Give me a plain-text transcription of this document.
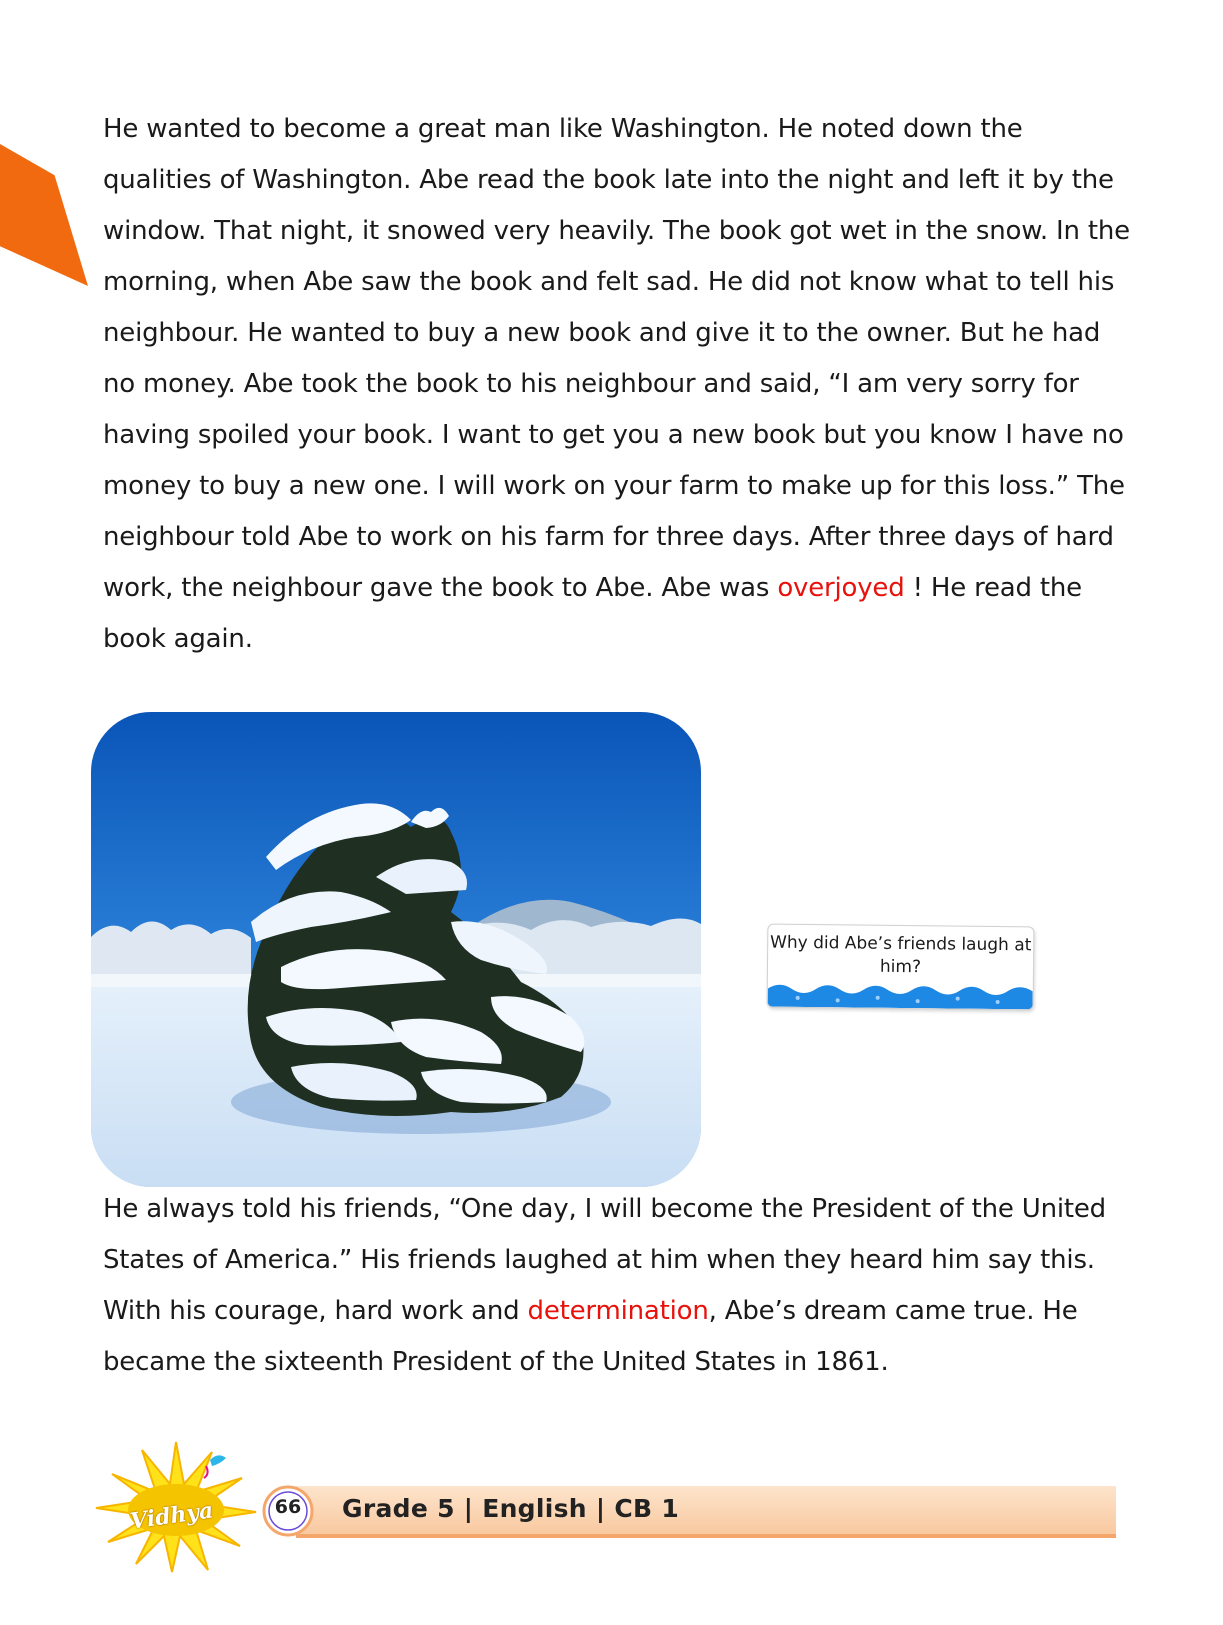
He wanted to become a great man like Washington. He noted down the qualities of Washington. Abe read the book late into the night and left it by the window. That night, it snowed very heavily. The book got wet in the snow. In the morning, when Abe saw the book and felt sad. He did not know what to tell his neighbour. He wanted to buy a new book and give it to the owner. But he had no money. Abe took the book to his neighbour and said, “I am very sorry for having spoiled your book. I want to get you a new book but you know I have no money to buy a new one. I will work on your farm to make up for this loss.” The neighbour told Abe to work on his farm for three days. After three days of hard work, the neighbour gave the book to Abe. Abe was overjoyed ! He read the book again.

Why did Abe’s friends laugh at him?

He always told his friends, “One day, I will become the President of the United States of America.” His friends laughed at him when they heard him say this. With his courage, hard work and determination, Abe’s dream came true. He became the sixteenth President of the United States in 1861.

Vidhya	66	Grade 5 | English | CB 1
